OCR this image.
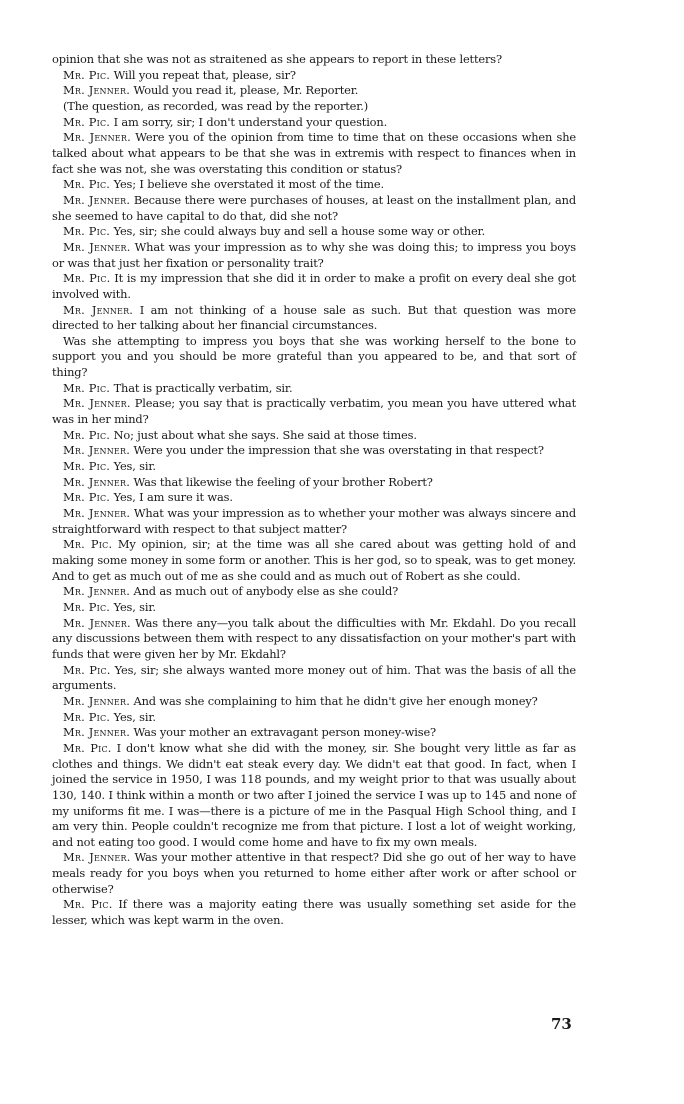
opinion that she was not as straitened as she appears to report in these letters?

Mr. Pic. Will you repeat that, please, sir?

Mr. Jenner. Would you read it, please, Mr. Reporter.

(The question, as recorded, was read by the reporter.)

Mr. Pic. I am sorry, sir; I don't understand your question.

Mr. Jenner. Were you of the opinion from time to time that on these occasions when she talked about what appears to be that she was in extremis with respect to finances when in fact she was not, she was overstating this condition or status?

Mr. Pic. Yes; I believe she overstated it most of the time.

Mr. Jenner. Because there were purchases of houses, at least on the installment plan, and she seemed to have capital to do that, did she not?

Mr. Pic. Yes, sir; she could always buy and sell a house some way or other.

Mr. Jenner. What was your impression as to why she was doing this; to impress you boys or was that just her fixation or personality trait?

Mr. Pic. It is my impression that she did it in order to make a profit on every deal she got involved with.

Mr. Jenner. I am not thinking of a house sale as such. But that question was more directed to her talking about her financial circumstances.

Was she attempting to impress you boys that she was working herself to the bone to support you and you should be more grateful than you appeared to be, and that sort of thing?

Mr. Pic. That is practically verbatim, sir.

Mr. Jenner. Please; you say that is practically verbatim, you mean you have uttered what was in her mind?

Mr. Pic. No; just about what she says. She said at those times.

Mr. Jenner. Were you under the impression that she was overstating in that respect?

Mr. Pic. Yes, sir.

Mr. Jenner. Was that likewise the feeling of your brother Robert?

Mr. Pic. Yes, I am sure it was.

Mr. Jenner. What was your impression as to whether your mother was always sincere and straightforward with respect to that subject matter?

Mr. Pic. My opinion, sir; at the time was all she cared about was getting hold of and making some money in some form or another. This is her god, so to speak, was to get money. And to get as much out of me as she could and as much out of Robert as she could.

Mr. Jenner. And as much out of anybody else as she could?

Mr. Pic. Yes, sir.

Mr. Jenner. Was there any—you talk about the difficulties with Mr. Ekdahl. Do you recall any discussions between them with respect to any dissatisfaction on your mother's part with funds that were given her by Mr. Ekdahl?

Mr. Pic. Yes, sir; she always wanted more money out of him. That was the basis of all the arguments.

Mr. Jenner. And was she complaining to him that he didn't give her enough money?

Mr. Pic. Yes, sir.

Mr. Jenner. Was your mother an extravagant person money-wise?

Mr. Pic. I don't know what she did with the money, sir. She bought very little as far as clothes and things. We didn't eat steak every day. We didn't eat that good. In fact, when I joined the service in 1950, I was 118 pounds, and my weight prior to that was usually about 130, 140. I think within a month or two after I joined the service I was up to 145 and none of my uniforms fit me. I was—there is a picture of me in the Pasqual High School thing, and I am very thin. People couldn't recognize me from that picture. I lost a lot of weight working, and not eating too good. I would come home and have to fix my own meals.

Mr. Jenner. Was your mother attentive in that respect? Did she go out of her way to have meals ready for you boys when you returned to home either after work or after school or otherwise?

Mr. Pic. If there was a majority eating there was usually something set aside for the lesser, which was kept warm in the oven.

73
